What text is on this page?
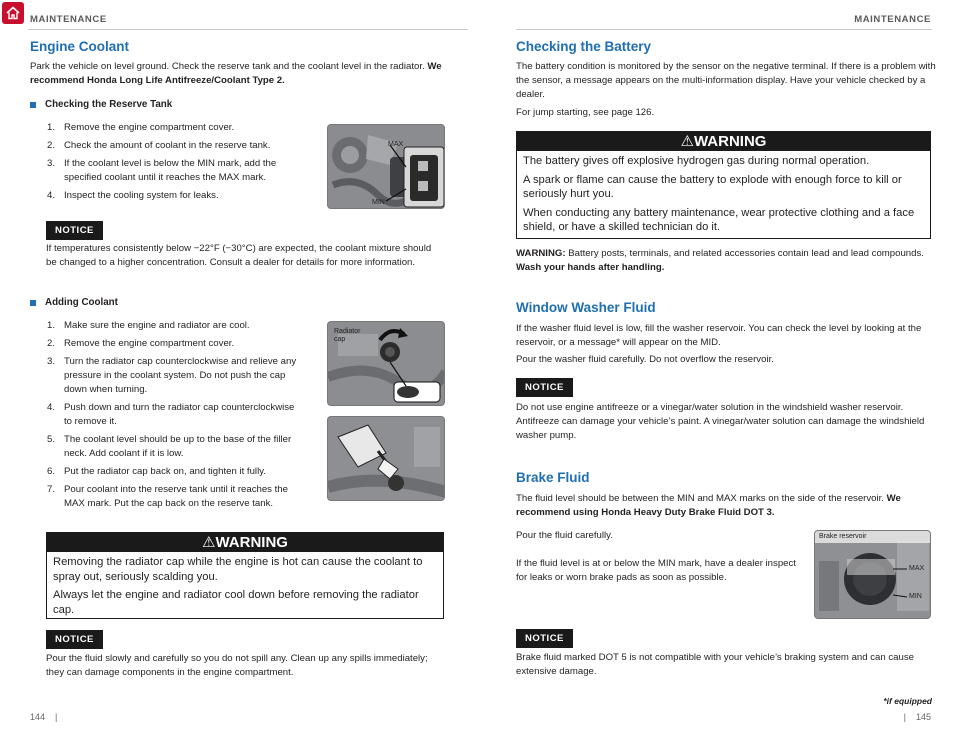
MAINTENANCE
Engine Coolant
Park the vehicle on level ground. Check the reserve tank and the coolant level in the radiator. We recommend Honda Long Life Antifreeze/Coolant Type 2.
Checking the Reserve Tank
1. Remove the engine compartment cover.
2. Check the amount of coolant in the reserve tank.
3. If the coolant level is below the MIN mark, add the specified coolant until it reaches the MAX mark.
4. Inspect the cooling system for leaks.
MAX
MIN
NOTICE
If temperatures consistently below −22°F (−30°C) are expected, the coolant mixture should be changed to a higher concentration. Consult a dealer for details for more information.
Adding Coolant
1. Make sure the engine and radiator are cool.
2. Remove the engine compartment cover.
3. Turn the radiator cap counterclockwise and relieve any pressure in the coolant system. Do not push the cap down when turning.
4. Push down and turn the radiator cap counterclockwise to remove it.
5. The coolant level should be up to the base of the filler neck. Add coolant if it is low.
6. Put the radiator cap back on, and tighten it fully.
7. Pour coolant into the reserve tank until it reaches the MAX mark. Put the cap back on the reserve tank.
Radiator cap
⚠WARNING
Removing the radiator cap while the engine is hot can cause the coolant to spray out, seriously scalding you.
Always let the engine and radiator cool down before removing the radiator cap.
NOTICE
Pour the fluid slowly and carefully so you do not spill any. Clean up any spills immediately; they can damage components in the engine compartment.
144 |
MAINTENANCE
Checking the Battery
The battery condition is monitored by the sensor on the negative terminal. If there is a problem with the sensor, a message appears on the multi-information display. Have your vehicle checked by a dealer.
For jump starting, see page 126.
⚠WARNING
The battery gives off explosive hydrogen gas during normal operation.
A spark or flame can cause the battery to explode with enough force to kill or seriously hurt you.
When conducting any battery maintenance, wear protective clothing and a face shield, or have a skilled technician do it.
WARNING: Battery posts, terminals, and related accessories contain lead and lead compounds. Wash your hands after handling.
Window Washer Fluid
If the washer fluid level is low, fill the washer reservoir. You can check the level by looking at the reservoir, or a message* will appear on the MID.
Pour the washer fluid carefully. Do not overflow the reservoir.
NOTICE
Do not use engine antifreeze or a vinegar/water solution in the windshield washer reservoir. Antifreeze can damage your vehicle’s paint. A vinegar/water solution can damage the windshield washer pump.
Brake Fluid
The fluid level should be between the MIN and MAX marks on the side of the reservoir. We recommend using Honda Heavy Duty Brake Fluid DOT 3.
Pour the fluid carefully.
If the fluid level is at or below the MIN mark, have a dealer inspect for leaks or worn brake pads as soon as possible.
Brake reservoir
MAX
MIN
NOTICE
Brake fluid marked DOT 5 is not compatible with your vehicle’s braking system and can cause extensive damage.
*if equipped
| 145
